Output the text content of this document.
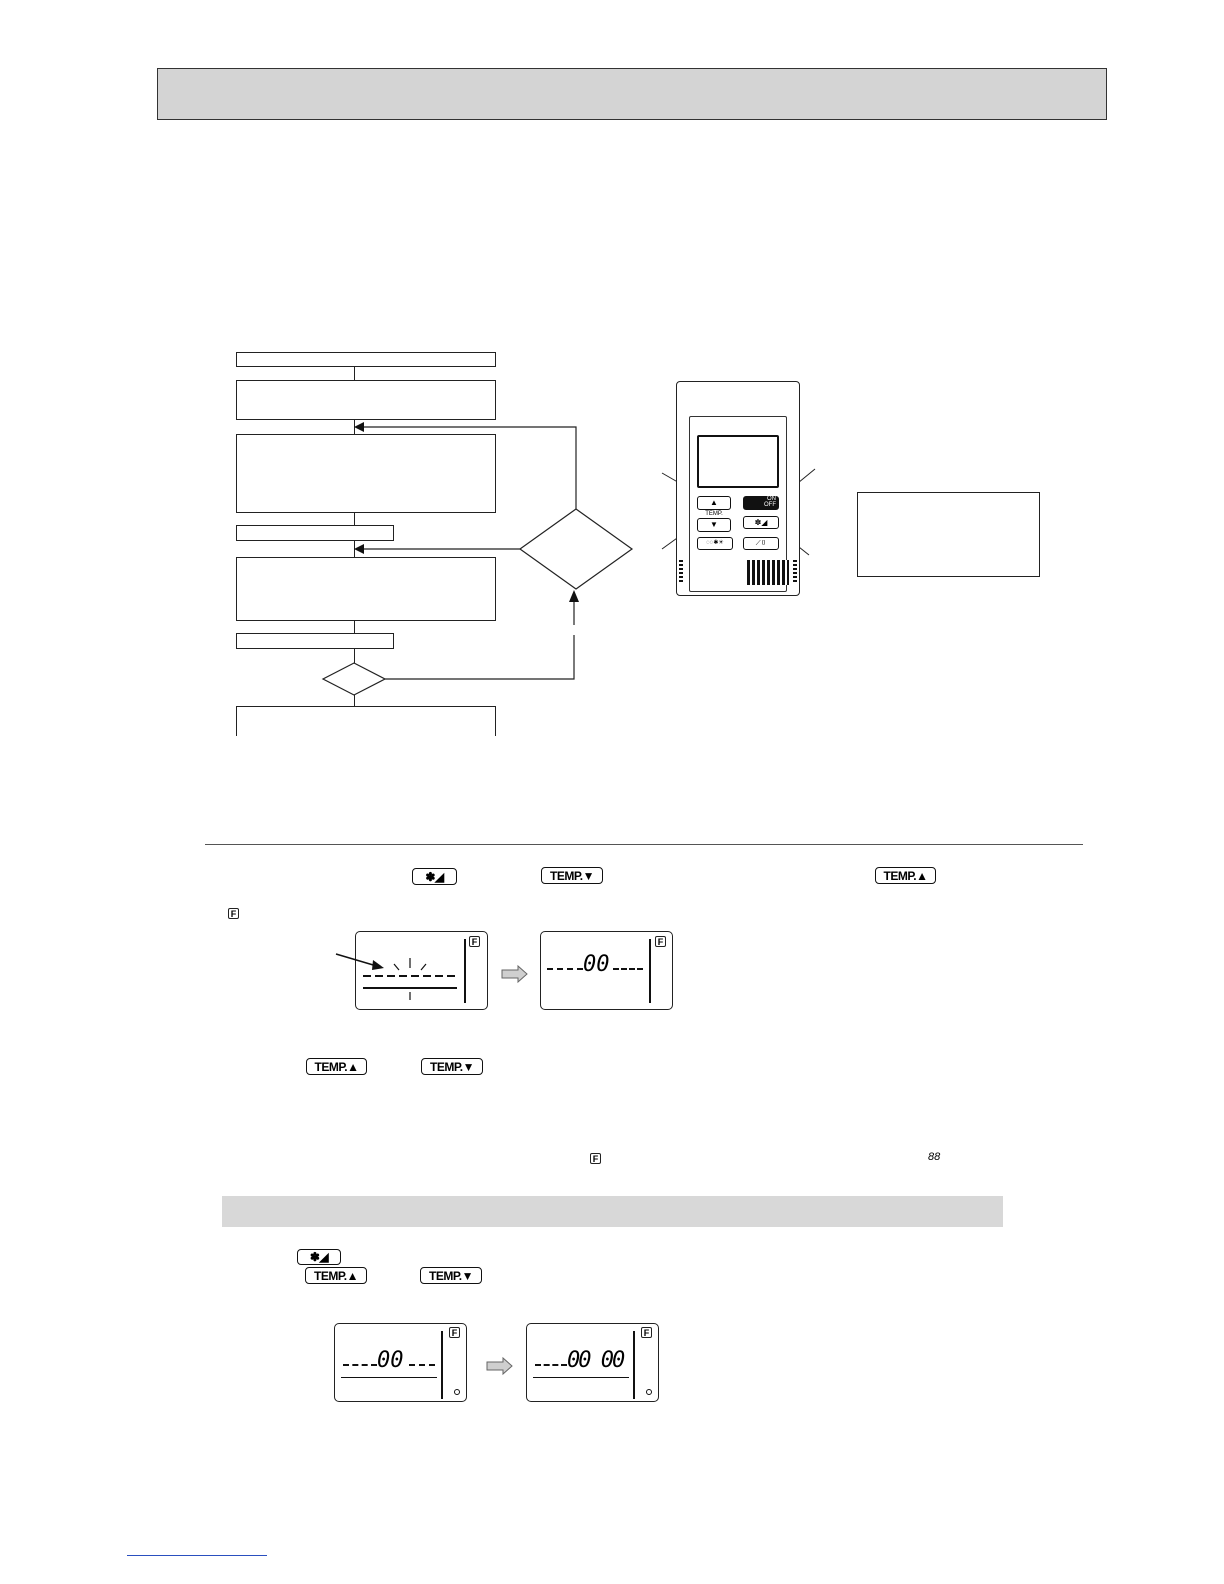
▲
TEMP.
▼
ON
OFF
✽◢
◌◌✱☀	⟋▯
✽◢	TEMP.▼	TEMP.▲
F
F	F
00
TEMP.▲	TEMP.▼
F	88
✽◢
TEMP.▲	TEMP.▼
F
00
F
00 00
